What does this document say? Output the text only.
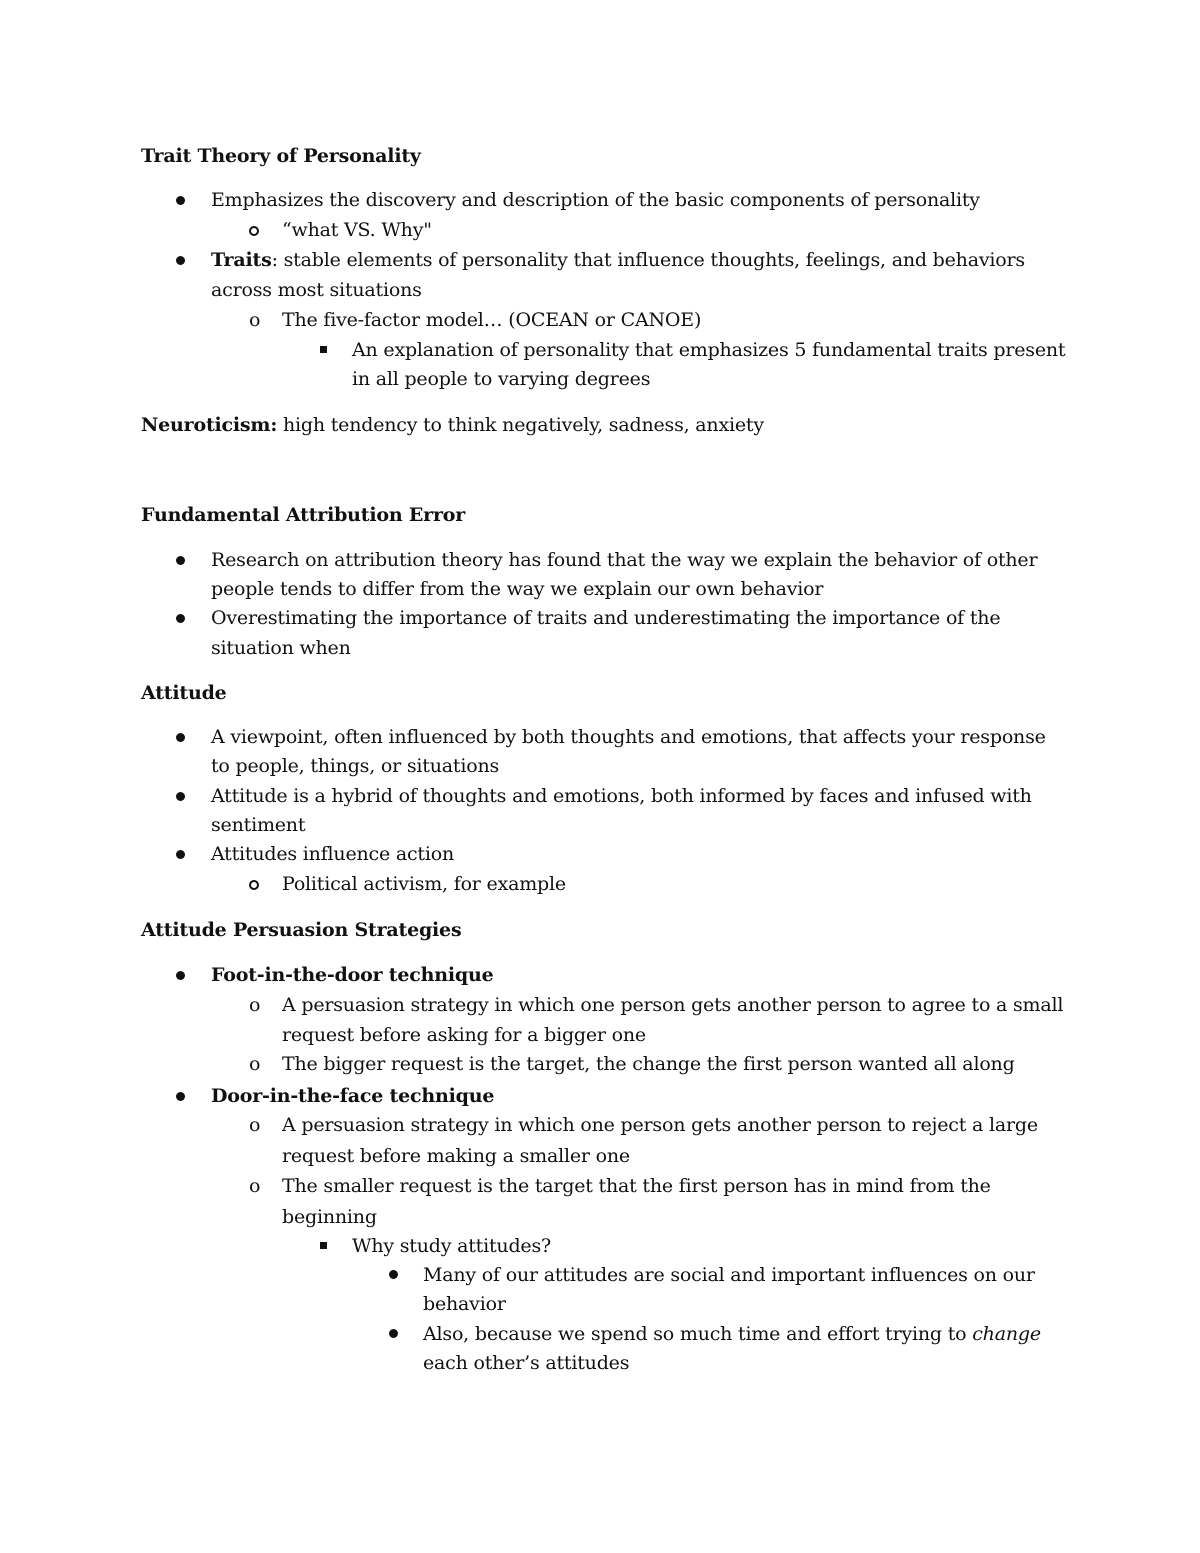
Trait Theory of Personality
Emphasizes the discovery and description of the basic components of personality
“what VS. Why"
Traits: stable elements of personality that influence thoughts, feelings, and behaviors
across most situations
o The five-factor model… (OCEAN or CANOE)
An explanation of personality that emphasizes 5 fundamental traits present
in all people to varying degrees
Neuroticism: high tendency to think negatively, sadness, anxiety
Fundamental Attribution Error
Research on attribution theory has found that the way we explain the behavior of other
people tends to differ from the way we explain our own behavior
Overestimating the importance of traits and underestimating the importance of the
situation when
Attitude
A viewpoint, often influenced by both thoughts and emotions, that affects your response
to people, things, or situations
Attitude is a hybrid of thoughts and emotions, both informed by faces and infused with
sentiment
Attitudes influence action
Political activism, for example
Attitude Persuasion Strategies
Foot-in-the-door technique
o A persuasion strategy in which one person gets another person to agree to a small
request before asking for a bigger one
o The bigger request is the target, the change the first person wanted all along
Door-in-the-face technique
o A persuasion strategy in which one person gets another person to reject a large
request before making a smaller one
o The smaller request is the target that the first person has in mind from the
beginning
Why study attitudes?
Many of our attitudes are social and important influences on our
behavior
Also, because we spend so much time and effort trying to change
each other’s attitudes
